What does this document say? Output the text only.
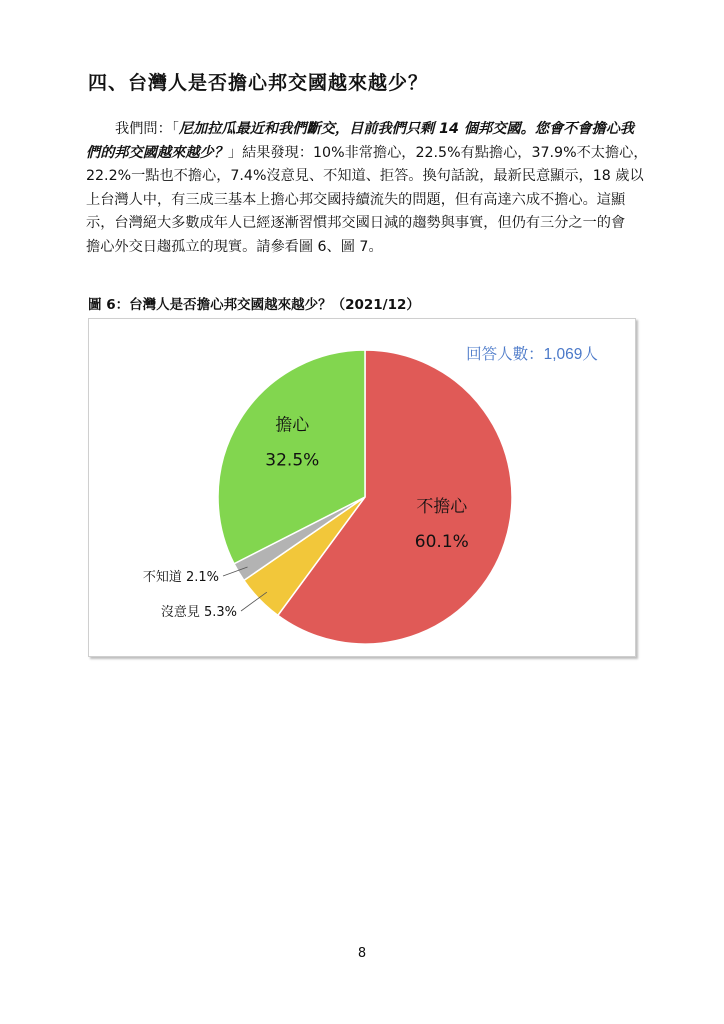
四、台灣人是否擔心邦交國越來越少？
我們問：「尼加拉瓜最近和我們斷交，目前我們只剩 14 個邦交國。您會不會擔心我
們的邦交國越來越少？」結果發現：10%非常擔心，22.5%有點擔心，37.9%不太擔心，
22.2%一點也不擔心，7.4%沒意見、不知道、拒答。換句話說，最新民意顯示，18 歲以
上台灣人中，有三成三基本上擔心邦交國持續流失的問題，但有高達六成不擔心。這顯
示，台灣絕大多數成年人已經逐漸習慣邦交國日減的趨勢與事實，但仍有三分之一的會
擔心外交日趨孤立的現實。請參看圖 6、圖 7。
圖 6：台灣人是否擔心邦交國越來越少？（2021/12）
回答人數：1,069人
不擔心
60.1%
沒意見 5.3%
不知道 2.1%
擔心
32.5%
8
